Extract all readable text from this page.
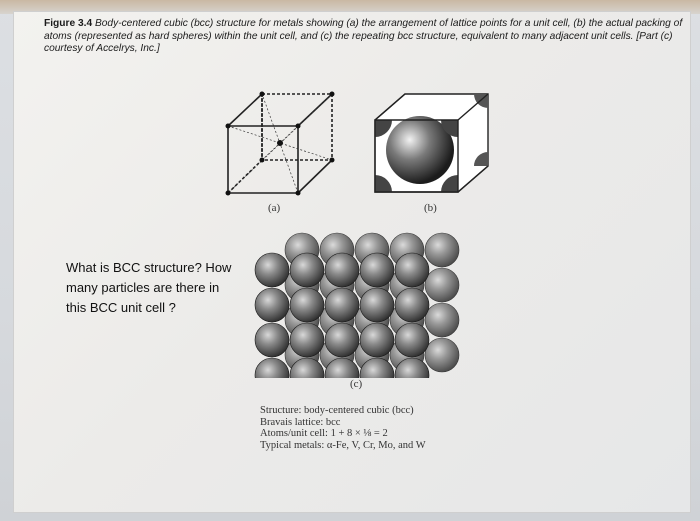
Figure 3.4 Body-centered cubic (bcc) structure for metals showing (a) the arrangement of lattice points for a unit cell, (b) the actual packing of atoms (represented as hard spheres) within the unit cell, and (c) the repeating bcc structure, equivalent to many adjacent unit cells. [Part (c) courtesy of Accelrys, Inc.]
(a)	(b)
(c)
What is BCC structure? How many particles are there in this BCC unit cell ?
Structure: body-centered cubic (bcc)
Bravais lattice: bcc
Atoms/unit cell: 1 + 8 × ⅛ = 2
Typical metals: α-Fe, V, Cr, Mo, and W
